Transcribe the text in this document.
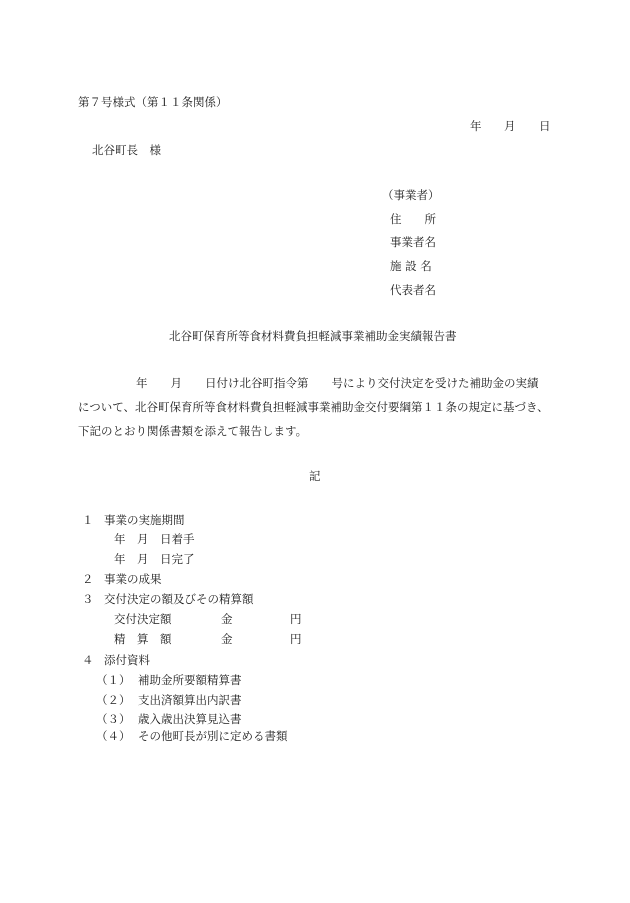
第７号様式（第１１条関係）
年 月 日
北谷町長　様
（事業者）
住　　所
事業者名
施 設 名
代表者名
北谷町保育所等食材料費負担軽減事業補助金実績報告書
年　　月　　日付け北谷町指令第　　号により交付決定を受けた補助金の実績
について、北谷町保育所等食材料費負担軽減事業補助金交付要綱第１１条の規定に基づき、
下記のとおり関係書類を添えて報告します。
記
１ 事業の実施期間
年　月　日着手
年　月　日完了
２ 事業の成果
３ 交付決定の額及びその精算額
交付決定額	金	円
精　算　額	金	円
４ 添付資料
（１） 補助金所要額精算書
（２） 支出済額算出内訳書
（３） 歳入歳出決算見込書
（４） その他町長が別に定める書類
